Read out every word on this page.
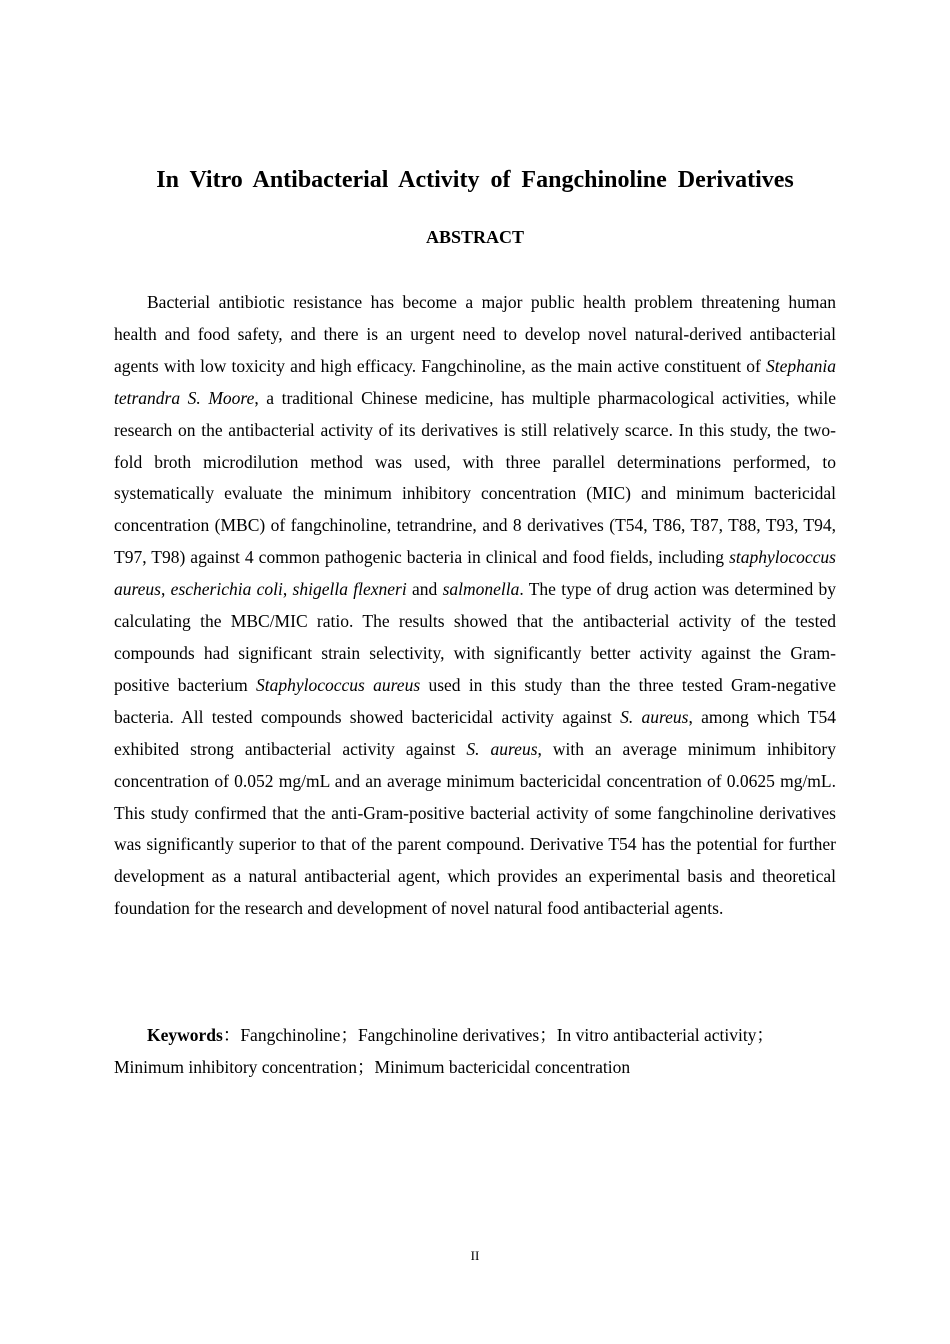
In Vitro Antibacterial Activity of Fangchinoline Derivatives
ABSTRACT

Bacterial antibiotic resistance has become a major public health problem threatening human health and food safety, and there is an urgent need to develop novel natural-derived antibacterial agents with low toxicity and high efficacy. Fangchinoline, as the main active constituent of Stephania tetrandra S. Moore, a traditional Chinese medicine, has multiple pharmacological activities, while research on the antibacterial activity of its derivatives is still relatively scarce. In this study, the two-fold broth microdilution method was used, with three parallel determinations performed, to systematically evaluate the minimum inhibitory concentration (MIC) and minimum bactericidal concentration (MBC) of fangchinoline, tetrandrine, and 8 derivatives (T54, T86, T87, T88, T93, T94, T97, T98) against 4 common pathogenic bacteria in clinical and food fields, including staphylococcus aureus, escherichia coli, shigella flexneri and salmonella. The type of drug action was determined by calculating the MBC/MIC ratio. The results showed that the antibacterial activity of the tested compounds had significant strain selectivity, with significantly better activity against the Gram-positive bacterium Staphylococcus aureus used in this study than the three tested Gram-negative bacteria. All tested compounds showed bactericidal activity against S. aureus, among which T54 exhibited strong antibacterial activity against S. aureus, with an average minimum inhibitory concentration of 0.052 mg/mL and an average minimum bactericidal concentration of 0.0625 mg/mL. This study confirmed that the anti-Gram-positive bacterial activity of some fangchinoline derivatives was significantly superior to that of the parent compound. Derivative T54 has the potential for further development as a natural antibacterial agent, which provides an experimental basis and theoretical foundation for the research and development of novel natural food antibacterial agents.

Keywords：Fangchinoline；Fangchinoline derivatives；In vitro antibacterial activity；Minimum inhibitory concentration；Minimum bactericidal concentration

II
